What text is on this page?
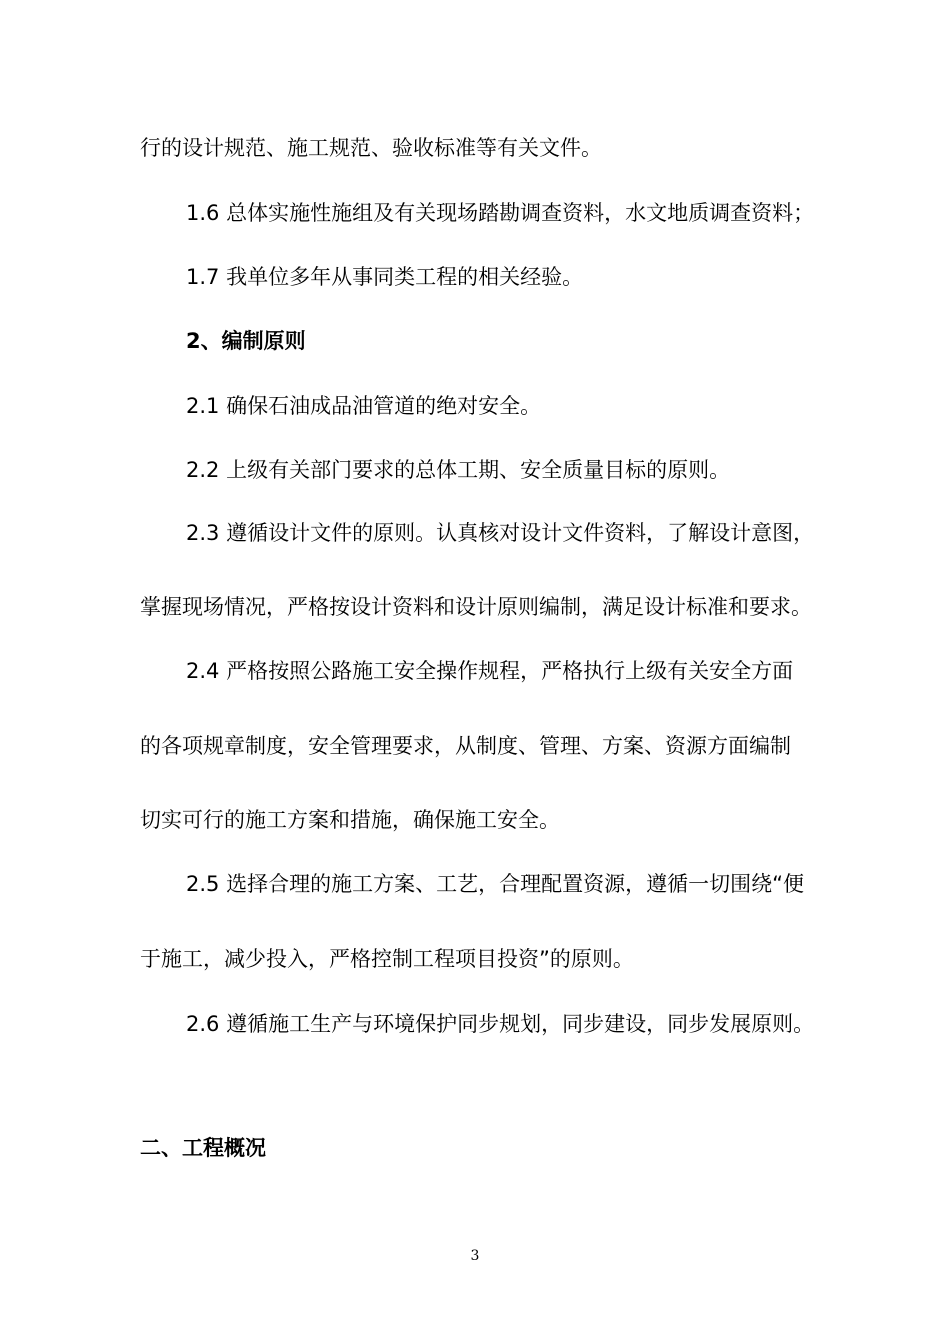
行的设计规范、施工规范、验收标准等有关文件。
1.6 总体实施性施组及有关现场踏勘调查资料，水文地质调查资料；
1.7 我单位多年从事同类工程的相关经验。
2、编制原则
2.1 确保石油成品油管道的绝对安全。
2.2 上级有关部门要求的总体工期、安全质量目标的原则。
2.3 遵循设计文件的原则。认真核对设计文件资料，了解设计意图，
掌握现场情况，严格按设计资料和设计原则编制，满足设计标准和要求。
2.4 严格按照公路施工安全操作规程，严格执行上级有关安全方面
的各项规章制度，安全管理要求，从制度、管理、方案、资源方面编制
切实可行的施工方案和措施，确保施工安全。
2.5 选择合理的施工方案、工艺，合理配置资源，遵循一切围绕“便
于施工，减少投入，严格控制工程项目投资”的原则。
2.6 遵循施工生产与环境保护同步规划，同步建设，同步发展原则。
二、工程概况
3
